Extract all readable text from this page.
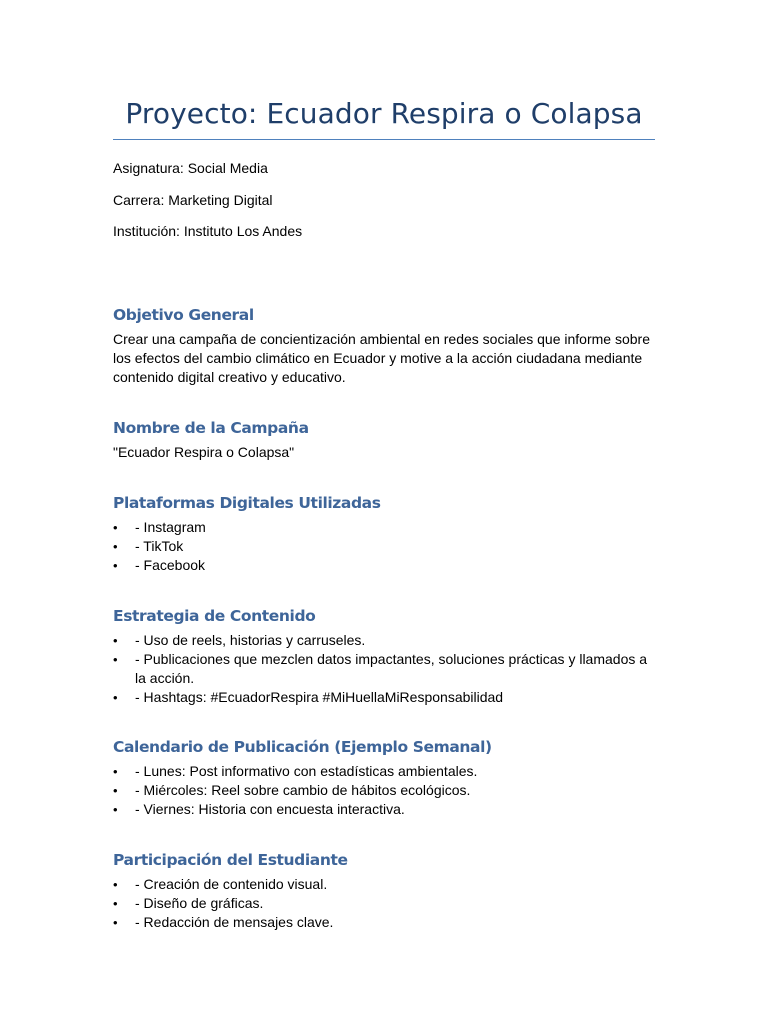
Proyecto: Ecuador Respira o Colapsa

Asignatura: Social Media

Carrera: Marketing Digital

Institución: Instituto Los Andes

Objetivo General

Crear una campaña de concientización ambiental en redes sociales que informe sobre los efectos del cambio climático en Ecuador y motive a la acción ciudadana mediante contenido digital creativo y educativo.

Nombre de la Campaña

"Ecuador Respira o Colapsa"

Plataformas Digitales Utilizadas
• - Instagram
• - TikTok
• - Facebook
Estrategia de Contenido
• - Uso de reels, historias y carruseles.
• - Publicaciones que mezclen datos impactantes, soluciones prácticas y llamados a la acción.
• - Hashtags: #EcuadorRespira #MiHuellaMiResponsabilidad
Calendario de Publicación (Ejemplo Semanal)
• - Lunes: Post informativo con estadísticas ambientales.
• - Miércoles: Reel sobre cambio de hábitos ecológicos.
• - Viernes: Historia con encuesta interactiva.
Participación del Estudiante
• - Creación de contenido visual.
• - Diseño de gráficas.
• - Redacción de mensajes clave.
